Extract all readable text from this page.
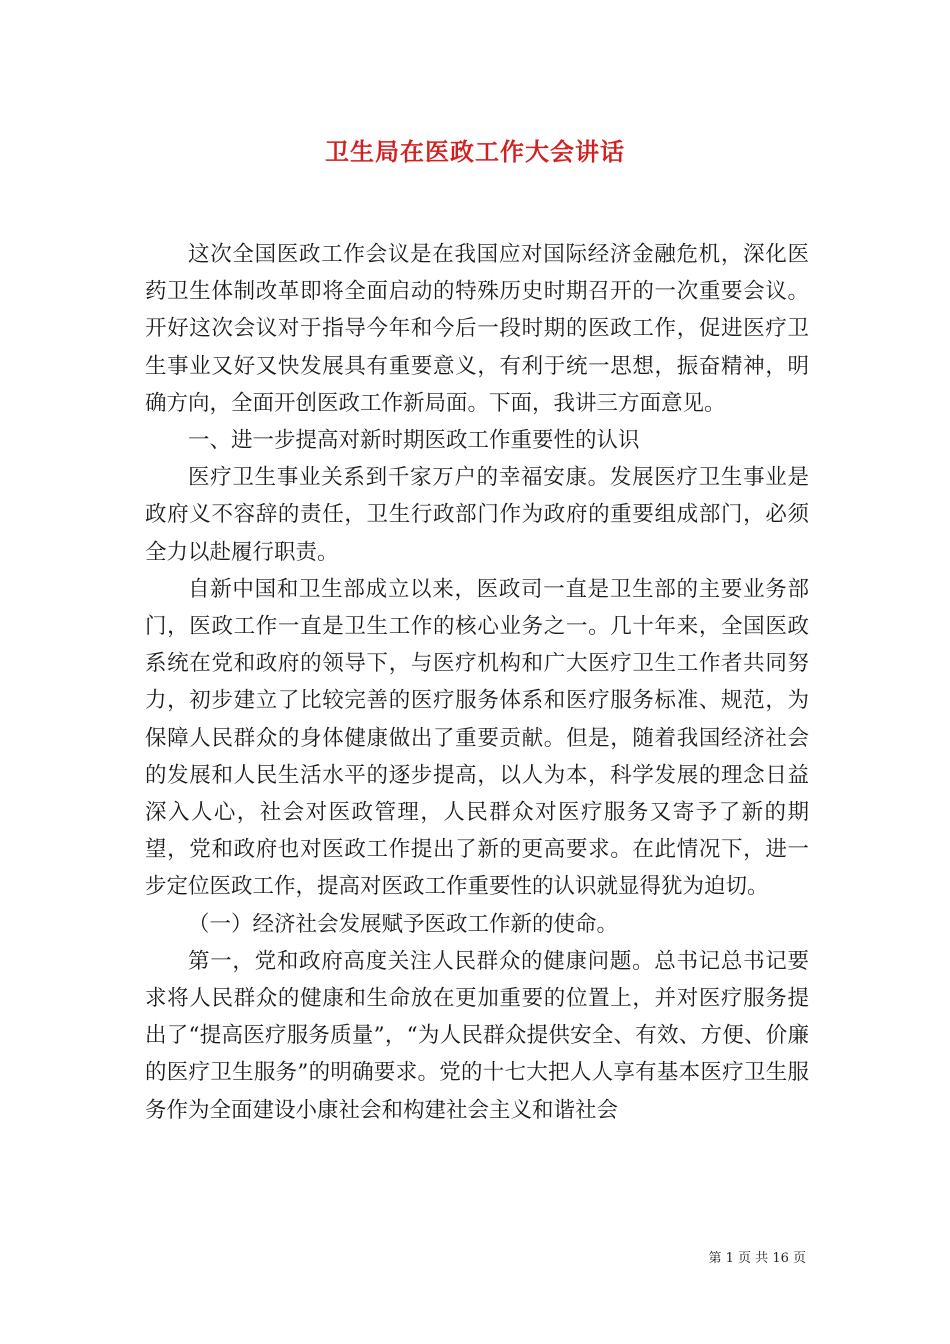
卫生局在医政工作大会讲话

这次全国医政工作会议是在我国应对国际经济金融危机，深化医药卫生体制改革即将全面启动的特殊历史时期召开的一次重要会议。开好这次会议对于指导今年和今后一段时期的医政工作，促进医疗卫生事业又好又快发展具有重要意义，有利于统一思想，振奋精神，明确方向，全面开创医政工作新局面。下面，我讲三方面意见。

一、进一步提高对新时期医政工作重要性的认识

医疗卫生事业关系到千家万户的幸福安康。发展医疗卫生事业是政府义不容辞的责任，卫生行政部门作为政府的重要组成部门，必须全力以赴履行职责。

自新中国和卫生部成立以来，医政司一直是卫生部的主要业务部门，医政工作一直是卫生工作的核心业务之一。几十年来，全国医政系统在党和政府的领导下，与医疗机构和广大医疗卫生工作者共同努力，初步建立了比较完善的医疗服务体系和医疗服务标准、规范，为保障人民群众的身体健康做出了重要贡献。但是，随着我国经济社会的发展和人民生活水平的逐步提高，以人为本，科学发展的理念日益深入人心，社会对医政管理，人民群众对医疗服务又寄予了新的期望，党和政府也对医政工作提出了新的更高要求。在此情况下，进一步定位医政工作，提高对医政工作重要性的认识就显得犹为迫切。

（一）经济社会发展赋予医政工作新的使命。

第一，党和政府高度关注人民群众的健康问题。总书记总书记要求将人民群众的健康和生命放在更加重要的位置上，并对医疗服务提出了“提高医疗服务质量”，“为人民群众提供安全、有效、方便、价廉的医疗卫生服务”的明确要求。党的十七大把人人享有基本医疗卫生服务作为全面建设小康社会和构建社会主义和谐社会

第 1 页 共 16 页
